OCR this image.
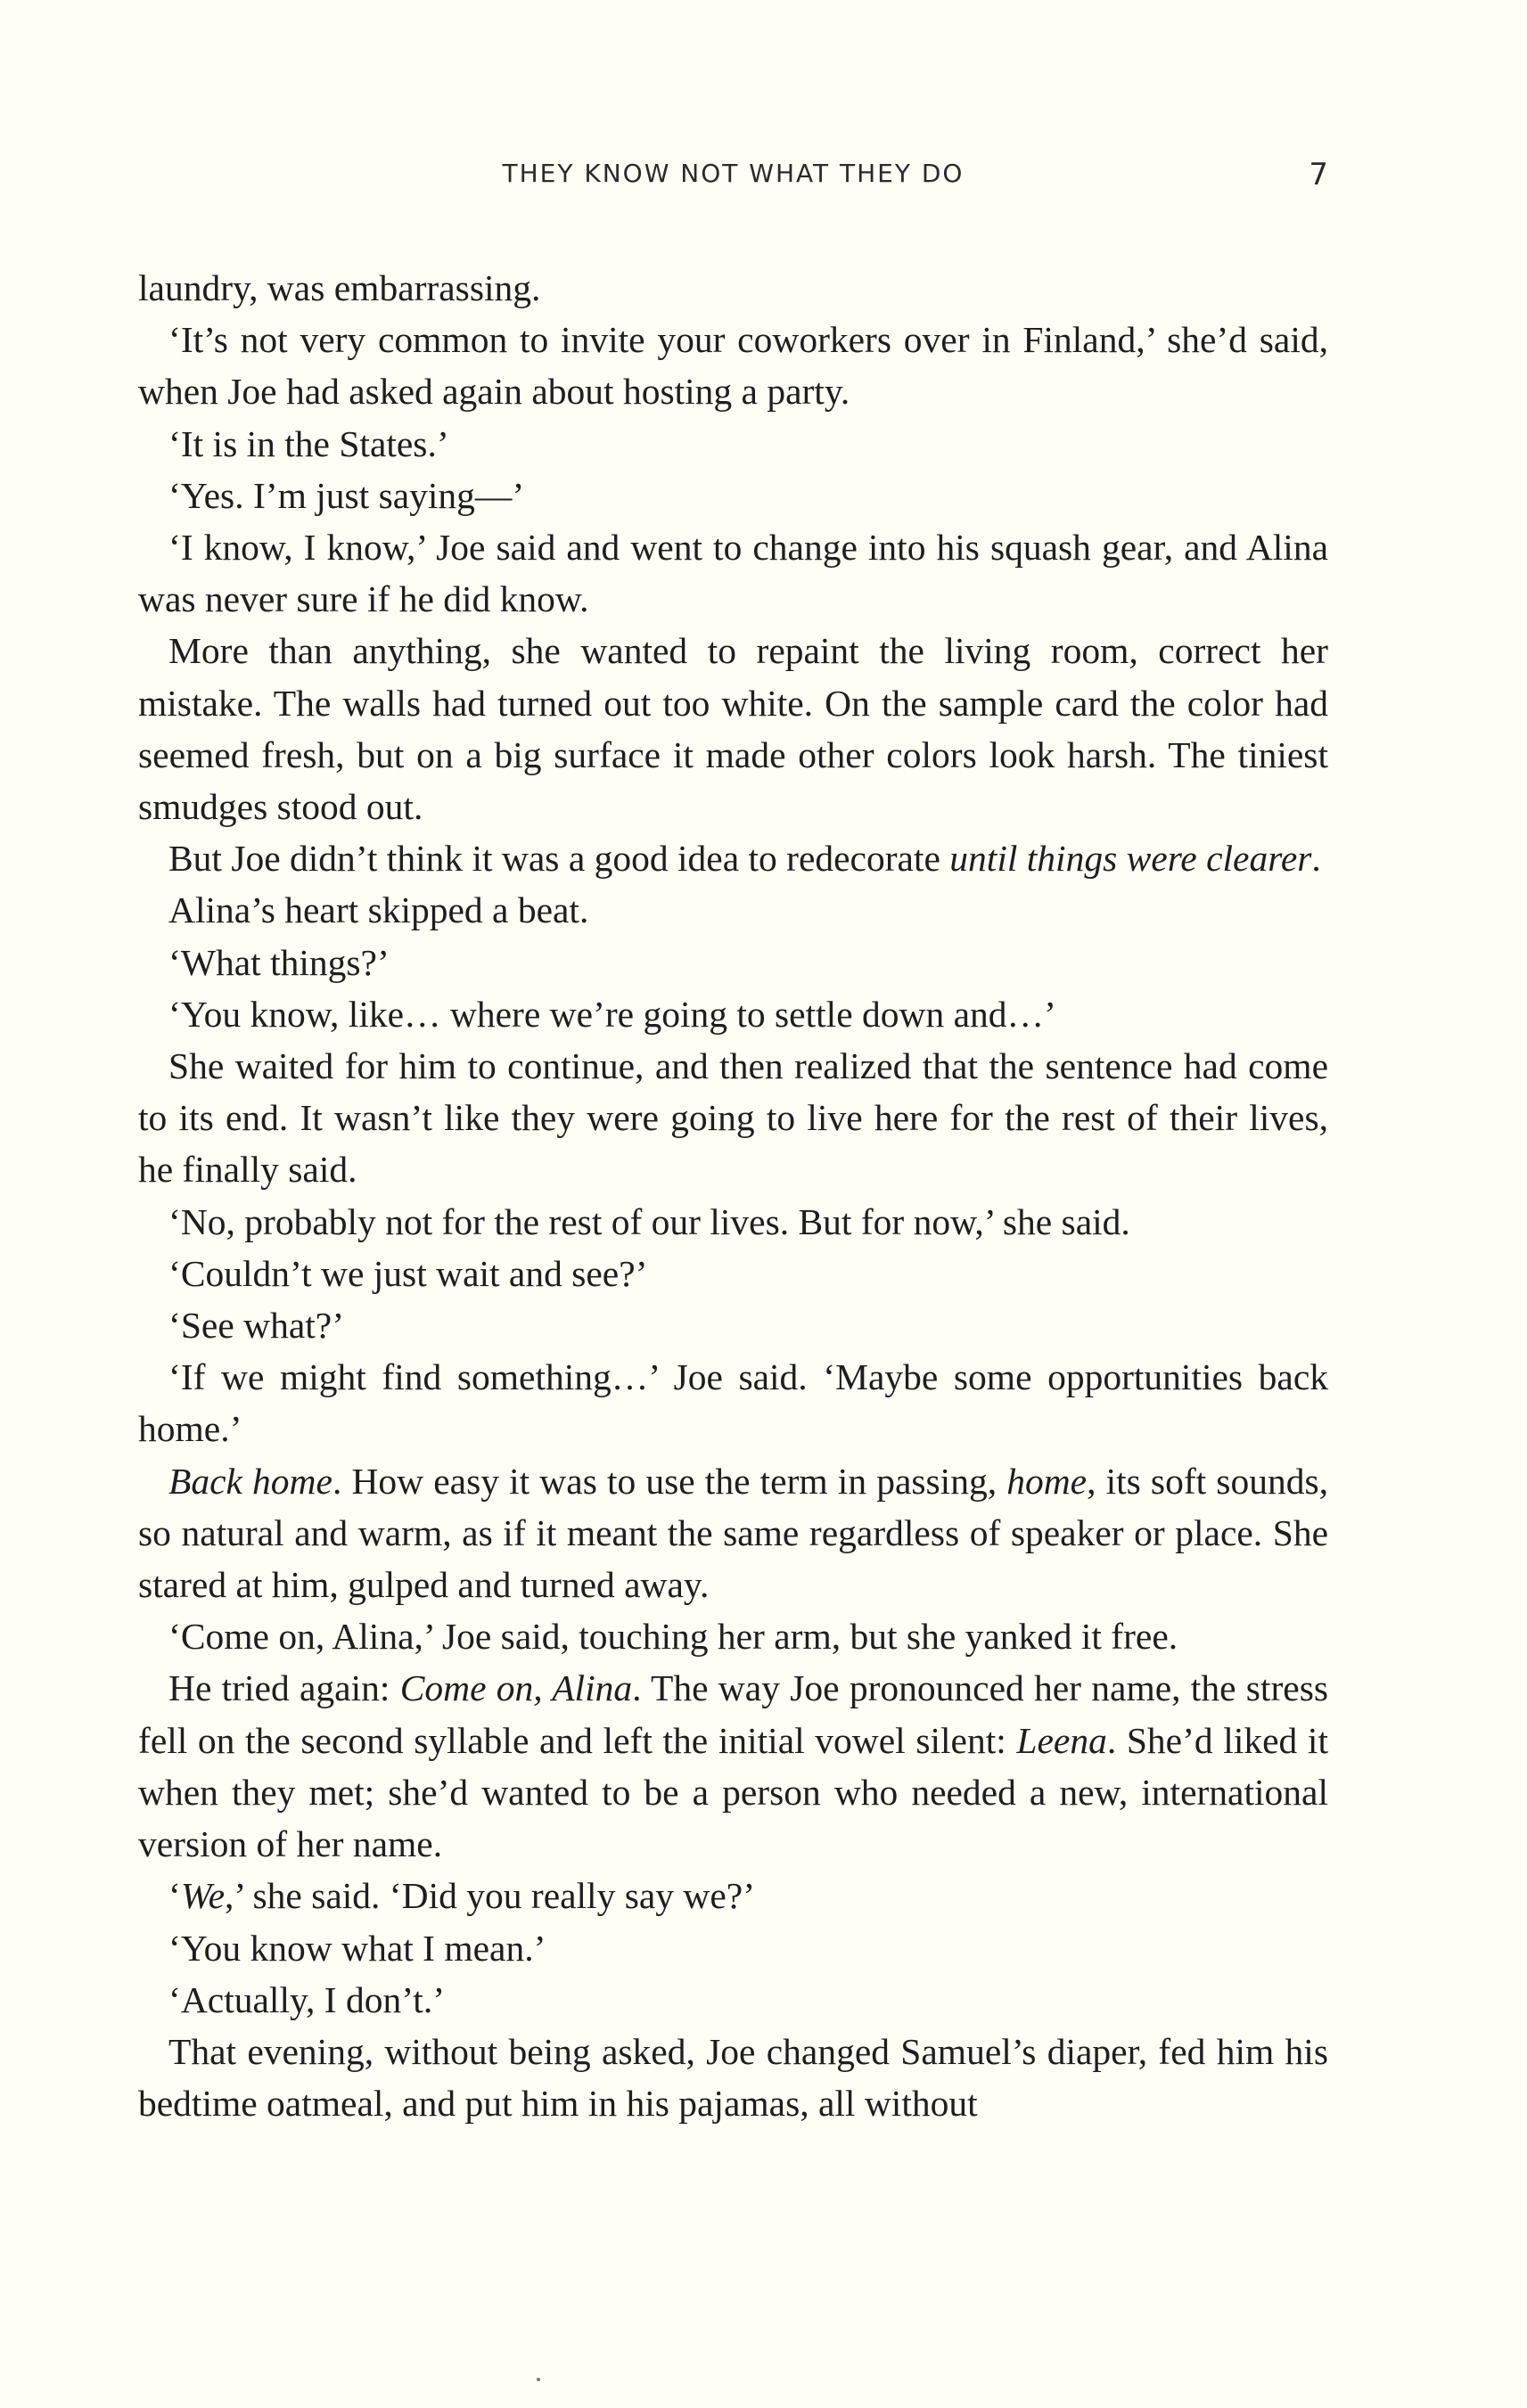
THEY KNOW NOT WHAT THEY DO	7

laundry, was embarrassing.

‘It’s not very common to invite your coworkers over in Finland,’ she’d said, when Joe had asked again about hosting a party.

‘It is in the States.’

‘Yes. I’m just saying—’

‘I know, I know,’ Joe said and went to change into his squash gear, and Alina was never sure if he did know.

More than anything, she wanted to repaint the living room, correct her mistake. The walls had turned out too white. On the sample card the color had seemed fresh, but on a big surface it made other colors look harsh. The tiniest smudges stood out.

But Joe didn’t think it was a good idea to redecorate until things were clearer.

Alina’s heart skipped a beat.

‘What things?’

‘You know, like… where we’re going to settle down and…’

She waited for him to continue, and then realized that the sentence had come to its end. It wasn’t like they were going to live here for the rest of their lives, he finally said.

‘No, probably not for the rest of our lives. But for now,’ she said.

‘Couldn’t we just wait and see?’

‘See what?’

‘If we might find something…’ Joe said. ‘Maybe some opportunities back home.’

Back home. How easy it was to use the term in passing, home, its soft sounds, so natural and warm, as if it meant the same regardless of speaker or place. She stared at him, gulped and turned away.

‘Come on, Alina,’ Joe said, touching her arm, but she yanked it free.

He tried again: Come on, Alina. The way Joe pronounced her name, the stress fell on the second syllable and left the initial vowel silent: Leena. She’d liked it when they met; she’d wanted to be a person who needed a new, international version of her name.

‘We,’ she said. ‘Did you really say we?’

‘You know what I mean.’

‘Actually, I don’t.’

That evening, without being asked, Joe changed Samuel’s diaper, fed him his bedtime oatmeal, and put him in his pajamas, all without
